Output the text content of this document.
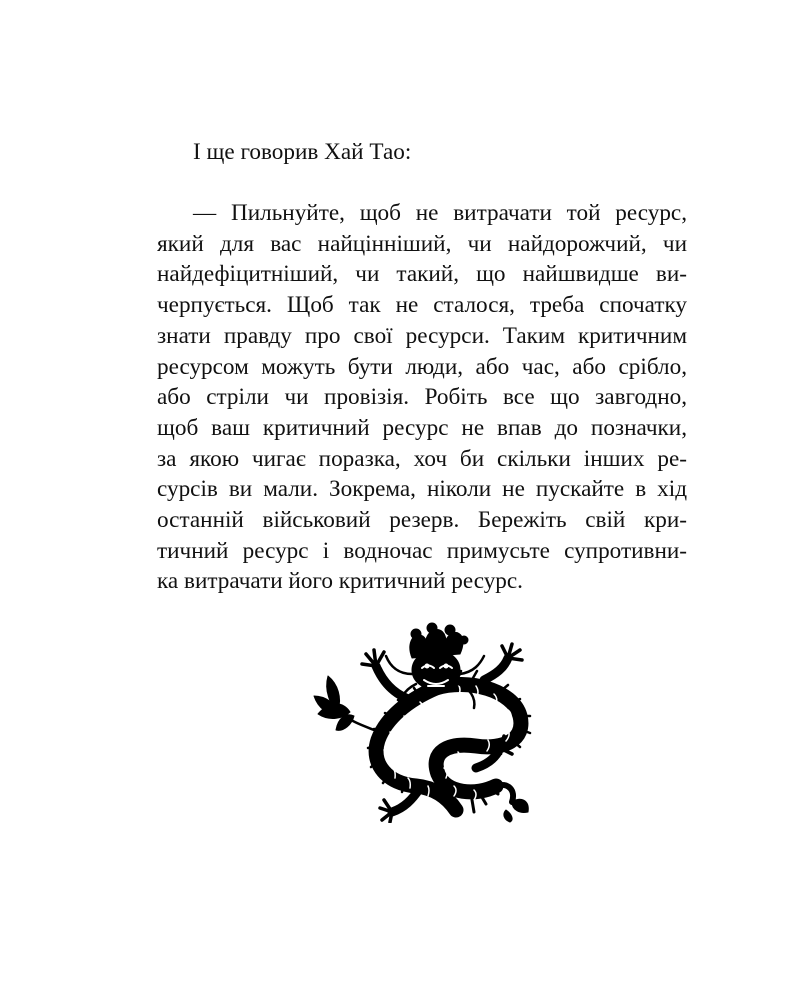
І ще говорив Хай Тао:

— Пильнуйте, щоб не витрачати той ресурс,
який для вас найцінніший, чи найдорожчий, чи
найдефіцитніший, чи такий, що найшвидше ви-
черпується. Щоб так не сталося, треба спочатку
знати правду про свої ресурси. Таким критичним
ресурсом можуть бути люди, або час, або срібло,
або стріли чи провізія. Робіть все що завгодно,
щоб ваш критичний ресурс не впав до позначки,
за якою чигає поразка, хоч би скільки інших ре-
сурсів ви мали. Зокрема, ніколи не пускайте в хід
останній військовий резерв. Бережіть свій кри-
тичний ресурс і водночас примусьте супротивни-
ка витрачати його критичний ресурс.
